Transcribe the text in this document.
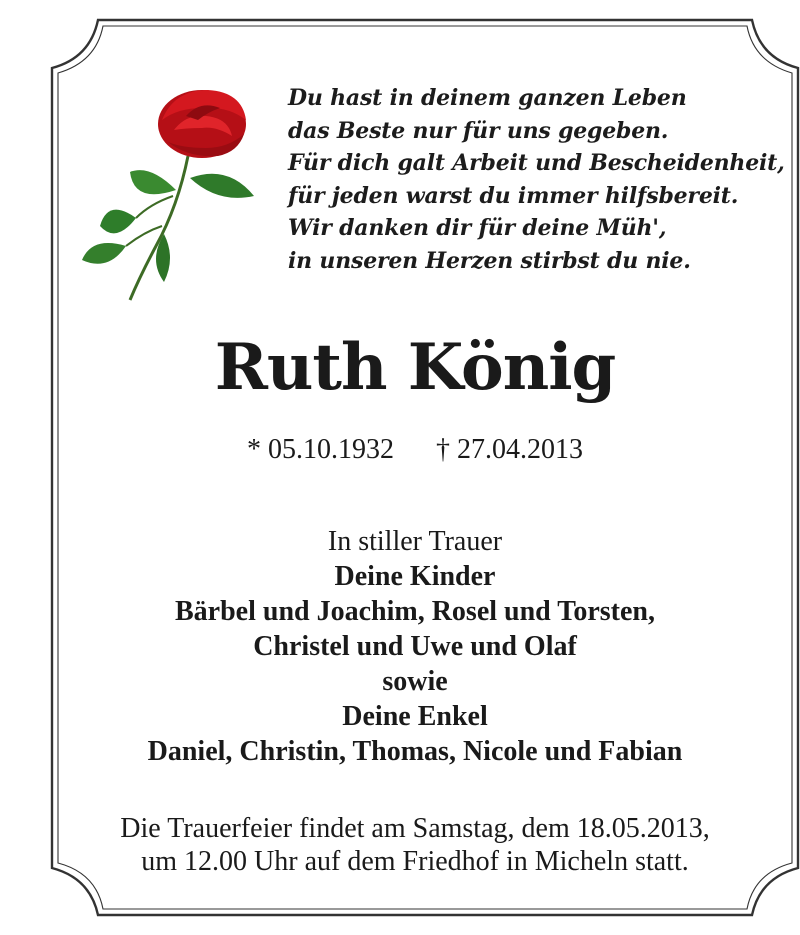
Du hast in deinem ganzen Leben
das Beste nur für uns gegeben.
Für dich galt Arbeit und Bescheidenheit,
für jeden warst du immer hilfsbereit.
Wir danken dir für deine Müh',
in unseren Herzen stirbst du nie.
Ruth König
* 05.10.1932 † 27.04.2013
In stiller Trauer
Deine Kinder
Bärbel und Joachim, Rosel und Torsten,
Christel und Uwe und Olaf
sowie
Deine Enkel
Daniel, Christin, Thomas, Nicole und Fabian
Die Trauerfeier findet am Samstag, dem 18.05.2013,
um 12.00 Uhr auf dem Friedhof in Micheln statt.
